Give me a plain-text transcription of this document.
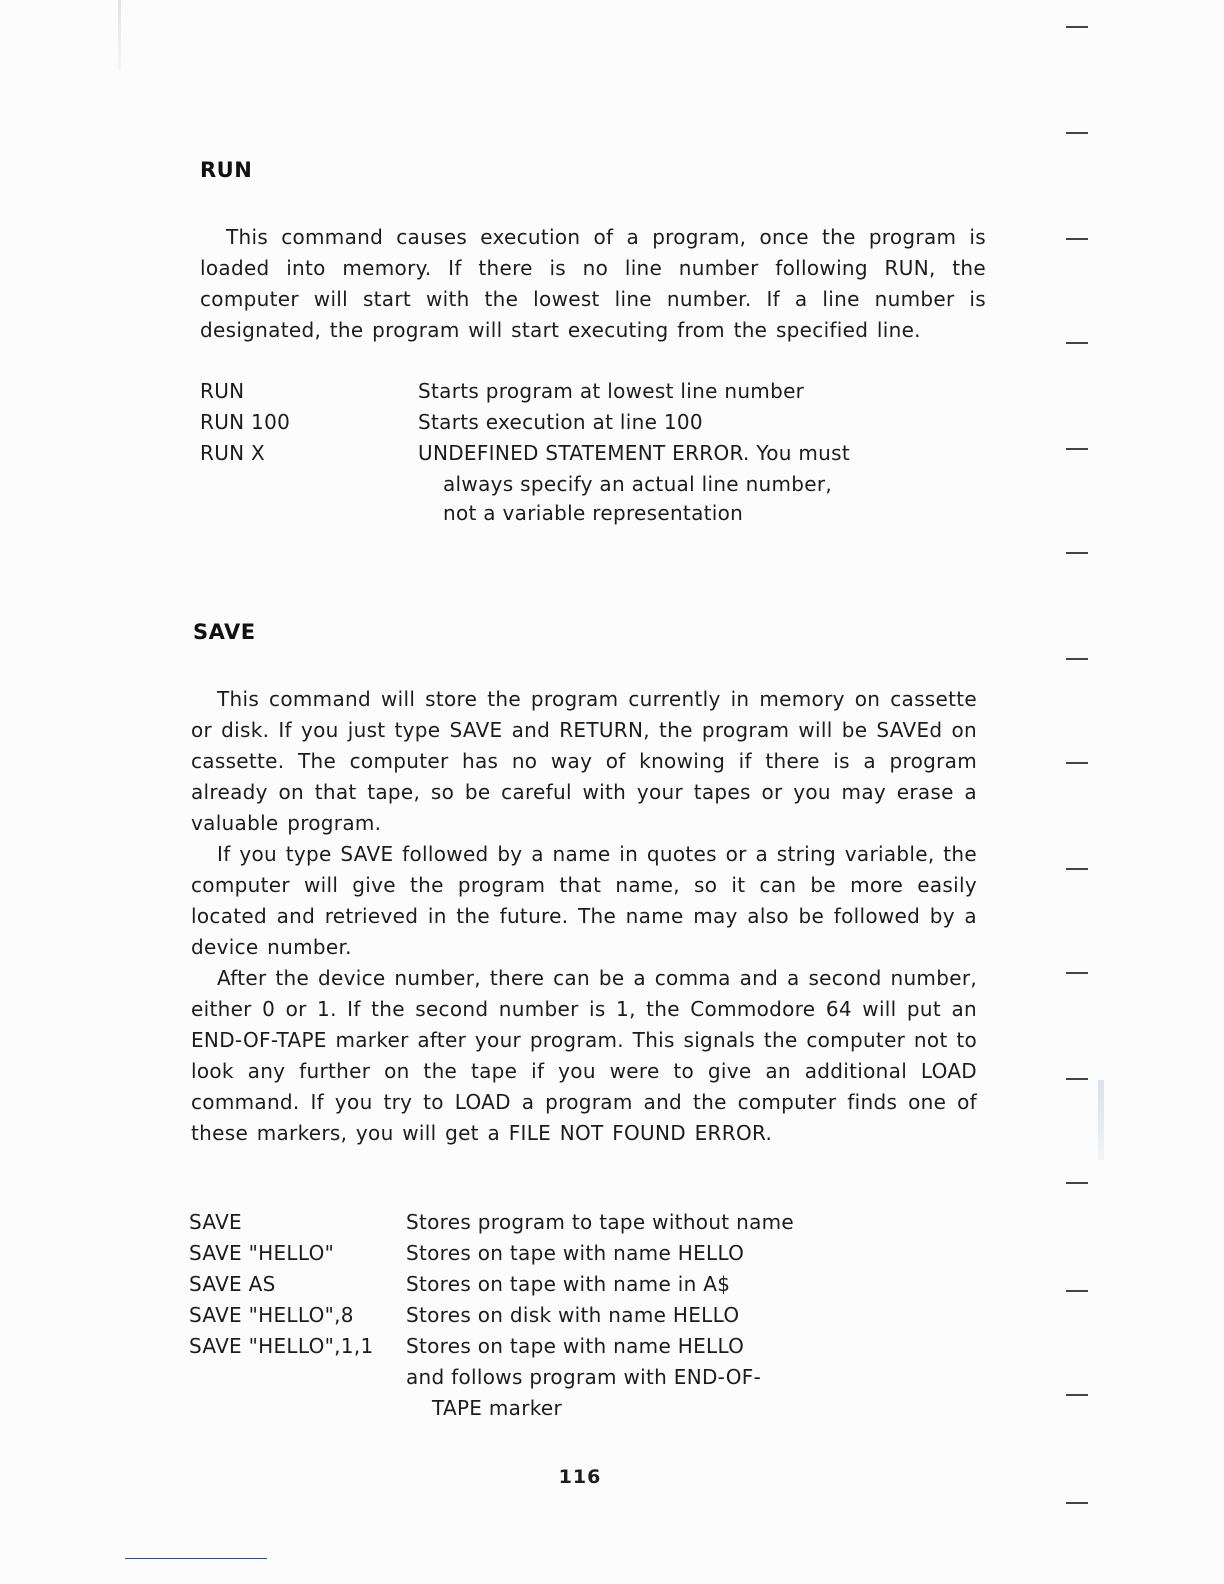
RUN

This command causes execution of a program, once the program is loaded into memory. If there is no line number following RUN, the computer will start with the lowest line number. If a line number is designated, the program will start executing from the specified line.

RUN	Starts program at lowest line number
RUN 100	Starts execution at line 100
RUN X	UNDEFINED STATEMENT ERROR. You must
always specify an actual line number,
not a variable representation
SAVE

This command will store the program currently in memory on cassette or disk. If you just type SAVE and RETURN, the program will be SAVEd on cassette. The computer has no way of knowing if there is a program already on that tape, so be careful with your tapes or you may erase a valuable program.

If you type SAVE followed by a name in quotes or a string variable, the computer will give the program that name, so it can be more easily located and retrieved in the future. The name may also be followed by a device number.

After the device number, there can be a comma and a second number, either 0 or 1. If the second number is 1, the Commodore 64 will put an END-OF-TAPE marker after your program. This signals the computer not to look any further on the tape if you were to give an additional LOAD command. If you try to LOAD a program and the computer finds one of these markers, you will get a FILE NOT FOUND ERROR.

SAVE	Stores program to tape without name
SAVE "HELLO"	Stores on tape with name HELLO
SAVE AS	Stores on tape with name in A$
SAVE "HELLO",8	Stores on disk with name HELLO
SAVE "HELLO",1,1 Stores on tape with name HELLO
and follows program with END-OF-
TAPE marker
116
